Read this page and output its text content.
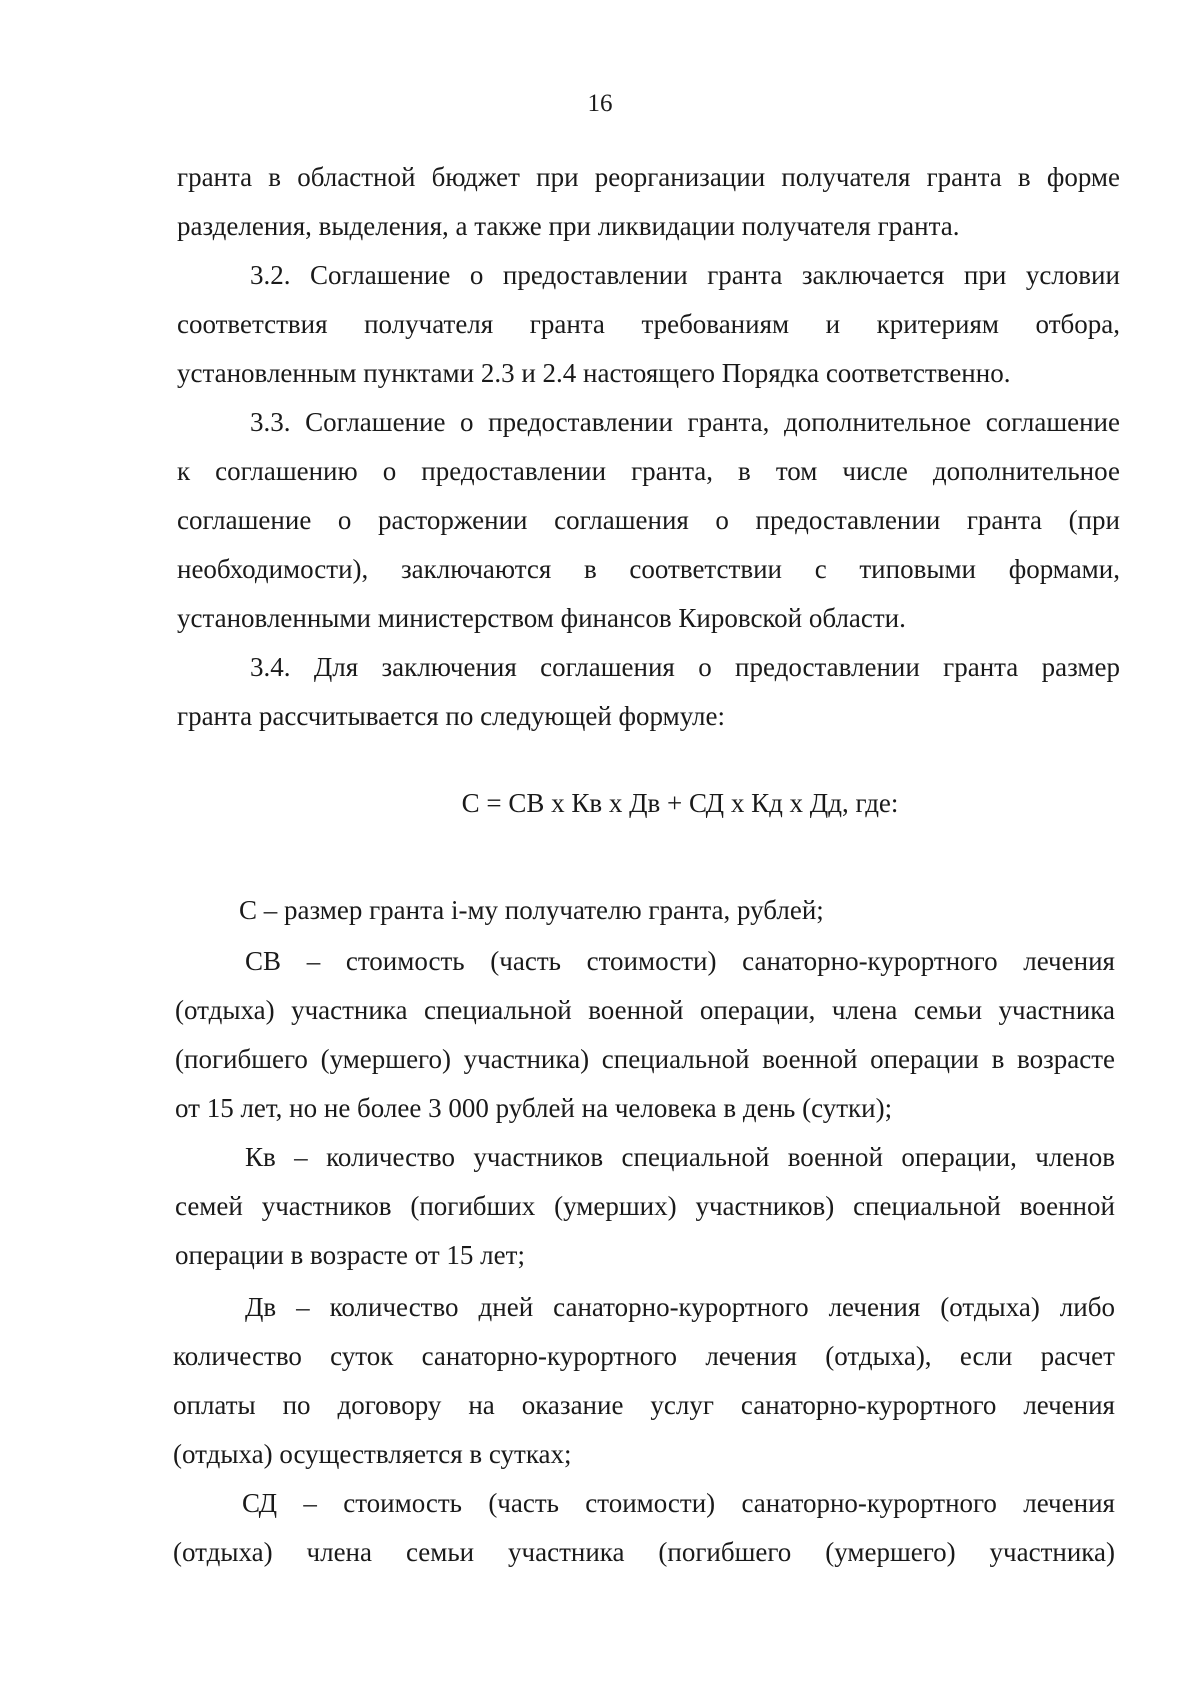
16
гранта в областной бюджет при реорганизации получателя гранта в форме
разделения, выделения, а также при ликвидации получателя гранта.
3.2. Соглашение о предоставлении гранта заключается при условии
соответствия получателя гранта требованиям и критериям отбора,
установленным пунктами 2.3 и 2.4 настоящего Порядка соответственно.
3.3. Соглашение о предоставлении гранта, дополнительное соглашение
к соглашению о предоставлении гранта, в том числе дополнительное
соглашение о расторжении соглашения о предоставлении гранта (при
необходимости), заключаются в соответствии с типовыми формами,
установленными министерством финансов Кировской области.
3.4. Для заключения соглашения о предоставлении гранта размер
гранта рассчитывается по следующей формуле:
С = СВ х Кв х Дв + СД х Кд х Дд, где:
С – размер гранта i-му получателю гранта, рублей;
СВ – стоимость (часть стоимости) санаторно-курортного лечения
(отдыха) участника специальной военной операции, члена семьи участника
(погибшего (умершего) участника) специальной военной операции в возрасте
от 15 лет, но не более 3 000 рублей на человека в день (сутки);
Кв – количество участников специальной военной операции, членов
семей участников (погибших (умерших) участников) специальной военной
операции в возрасте от 15 лет;
Дв – количество дней санаторно-курортного лечения (отдыха) либо
количество суток санаторно-курортного лечения (отдыха), если расчет
оплаты по договору на оказание услуг санаторно-курортного лечения
(отдыха) осуществляется в сутках;
СД – стоимость (часть стоимости) санаторно-курортного лечения
(отдыха) члена семьи участника (погибшего (умершего) участника)
